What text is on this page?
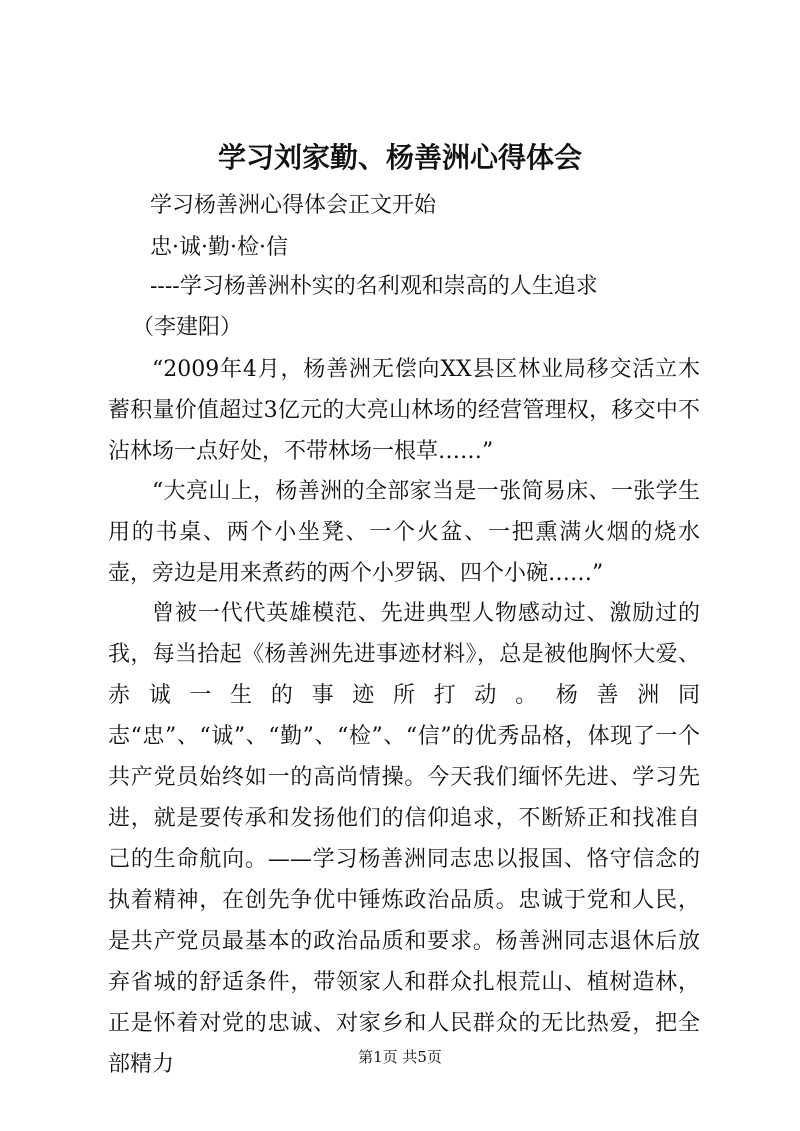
学习刘家勤、杨善洲心得体会
学习杨善洲心得体会正文开始
忠·诚·勤·检·信
----学习杨善洲朴实的名利观和崇高的人生追求
（李建阳）
“2009年4月，杨善洲无偿向XX县区林业局移交活立木蓄积量价值超过3亿元的大亮山林场的经营管理权，移交中不沾林场一点好处，不带林场一根草……”
“大亮山上，杨善洲的全部家当是一张简易床、一张学生用的书桌、两个小坐凳、一个火盆、一把熏满火烟的烧水壶，旁边是用来煮药的两个小罗锅、四个小碗……”
曾被一代代英雄模范、先进典型人物感动过、激励过的我，每当拾起《杨善洲先进事迹材料》，总是被他胸怀大爱、赤诚一生的事迹所打动。杨善洲同志“忠”、“诚”、“勤”、“检”、“信”的优秀品格，体现了一个共产党员始终如一的高尚情操。今天我们缅怀先进、学习先进，就是要传承和发扬他们的信仰追求，不断矫正和找准自己的生命航向。——学习杨善洲同志忠以报国、恪守信念的执着精神，在创先争优中锤炼政治品质。忠诚于党和人民，是共产党员最基本的政治品质和要求。杨善洲同志退休后放弃省城的舒适条件，带领家人和群众扎根荒山、植树造林，正是怀着对党的忠诚、对家乡和人民群众的无比热爱，把全部精力	第1页 共5页
